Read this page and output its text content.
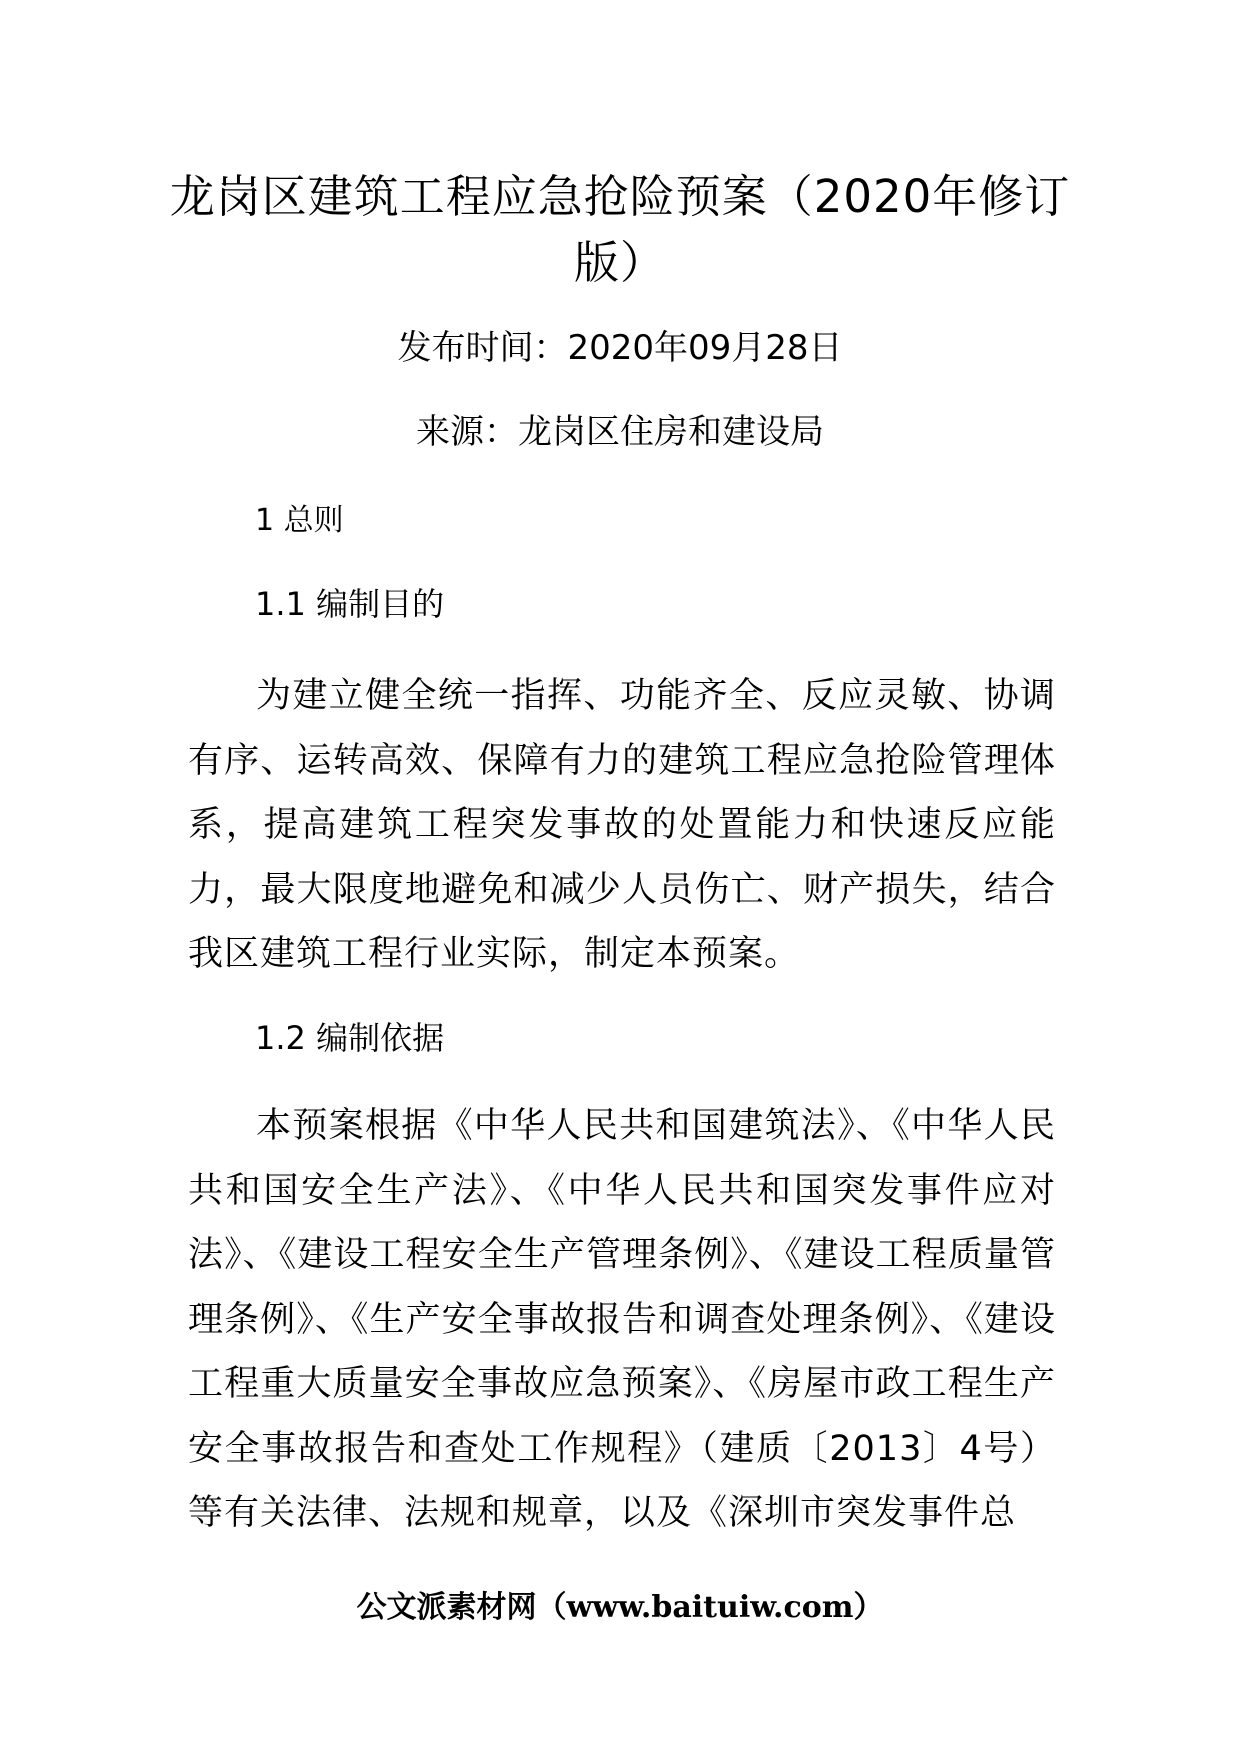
龙岗区建筑工程应急抢险预案（2020年修订版）
发布时间：2020年09月28日
来源：龙岗区住房和建设局
1 总则
1.1 编制目的
为建立健全统一指挥、功能齐全、反应灵敏、协调有序、运转高效、保障有力的建筑工程应急抢险管理体系，提高建筑工程突发事故的处置能力和快速反应能力，最大限度地避免和减少人员伤亡、财产损失，结合我区建筑工程行业实际，制定本预案。
1.2 编制依据
本预案根据《中华人民共和国建筑法》、《中华人民共和国安全生产法》、《中华人民共和国突发事件应对法》、《建设工程安全生产管理条例》、《建设工程质量管理条例》、《生产安全事故报告和调查处理条例》、《建设工程重大质量安全事故应急预案》、《房屋市政工程生产安全事故报告和查处工作规程》（建质〔2013〕4号）等有关法律、法规和规章，以及《深圳市突发事件总
公文派素材网（www.baituiw.com）
